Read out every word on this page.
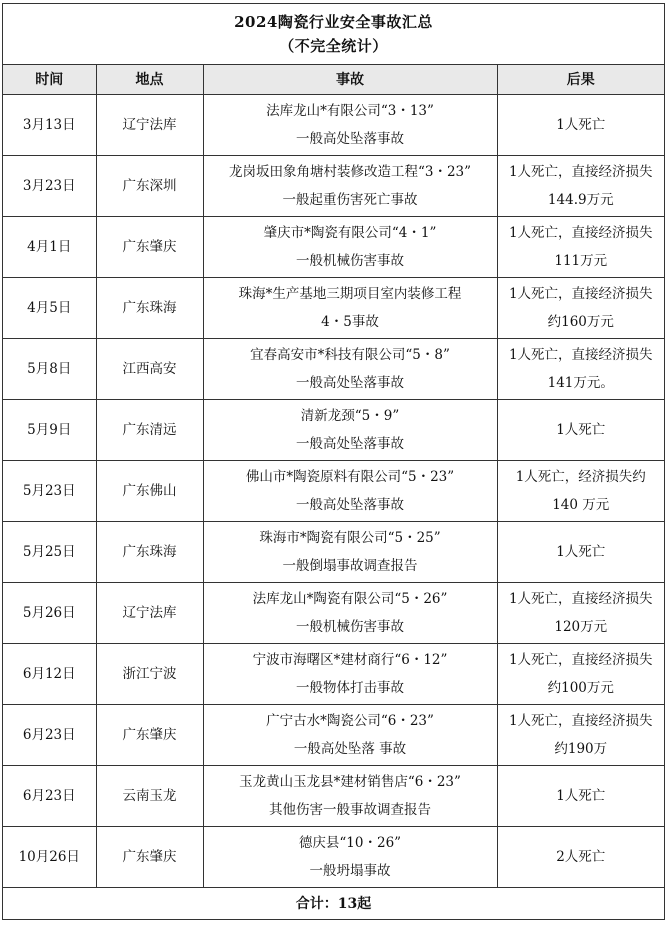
2024陶瓷行业安全事故汇总
（不完全统计）
时间	地点	事故	后果
3月13日	辽宁法库	法库龙山*有限公司“3・13”
一般高处坠落事故	1人死亡

3月23日	广东深圳	龙岗坂田象角塘村装修改造工程“3・23”
一般起重伤害死亡事故	1人死亡，直接经济损失
144.9万元

4月1日	广东肇庆	肇庆市*陶瓷有限公司“4・1”
一般机械伤害事故	1人死亡，直接经济损失
111万元

4月5日	广东珠海	珠海*生产基地三期项目室内装修工程
4・5事故	1人死亡，直接经济损失
约160万元

5月8日	江西高安	宜春高安市*科技有限公司“5・8”
一般高处坠落事故	1人死亡，直接经济损失
141万元。

5月9日	广东清远	清新龙颈“5・9”
一般高处坠落事故	1人死亡

5月23日	广东佛山	佛山市*陶瓷原料有限公司“5・23”
一般高处坠落事故	1人死亡，经济损失约
140 万元

5月25日	广东珠海	珠海市*陶瓷有限公司“5・25”
一般倒塌事故调查报告	1人死亡

5月26日	辽宁法库	法库龙山*陶瓷有限公司“5・26”
一般机械伤害事故	1人死亡，直接经济损失
120万元

6月12日	浙江宁波	宁波市海曙区*建材商行“6・12”
一般物体打击事故	1人死亡，直接经济损失
约100万元

6月23日	广东肇庆	广宁古水*陶瓷公司“6・23”
一般高处坠落 事故	1人死亡，直接经济损失
约190万

6月23日	云南玉龙	玉龙黄山玉龙县*建材销售店“6・23”
其他伤害一般事故调查报告	1人死亡

10月26日	广东肇庆	德庆县“10・26”
一般坍塌事故	2人死亡

合计：13起			
